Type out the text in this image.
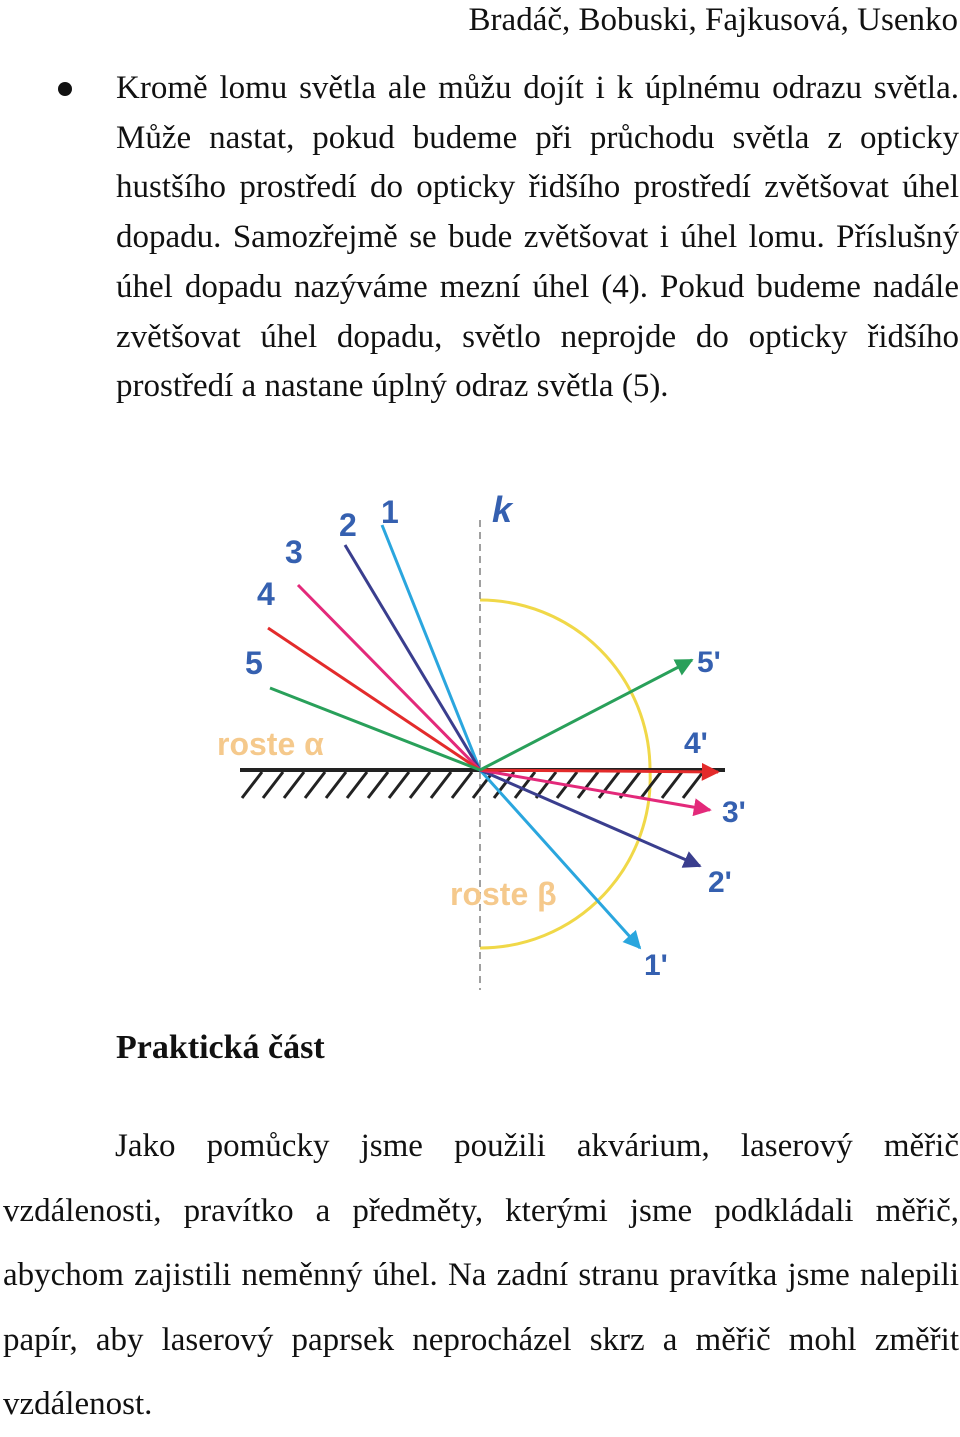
Bradáč, Bobuski, Fajkusová, Usenko
Kromě lomu světla ale můžu dojít i k úplnému odrazu světla. Může nastat, pokud budeme při průchodu světla z opticky hustšího prostředí do opticky řidšího prostředí zvětšovat úhel dopadu. Samozřejmě se bude zvětšovat i úhel lomu. Příslušný úhel dopadu nazýváme mezní úhel (4). Pokud budeme nadále zvětšovat úhel dopadu, světlo neprojde do opticky řidšího prostředí a nastane úplný odraz světla (5).
k
1
2
3
4
5	5'
4'
3'
2'
1'
roste α
roste β
Praktická část
Jako pomůcky jsme použili akvárium, laserový měřič vzdálenosti, pravítko a předměty, kterými jsme podkládali měřič, abychom zajistili neměnný úhel. Na zadní stranu pravítka jsme nalepili papír, aby laserový paprsek neprocházel skrz a měřič mohl změřit vzdálenost.
